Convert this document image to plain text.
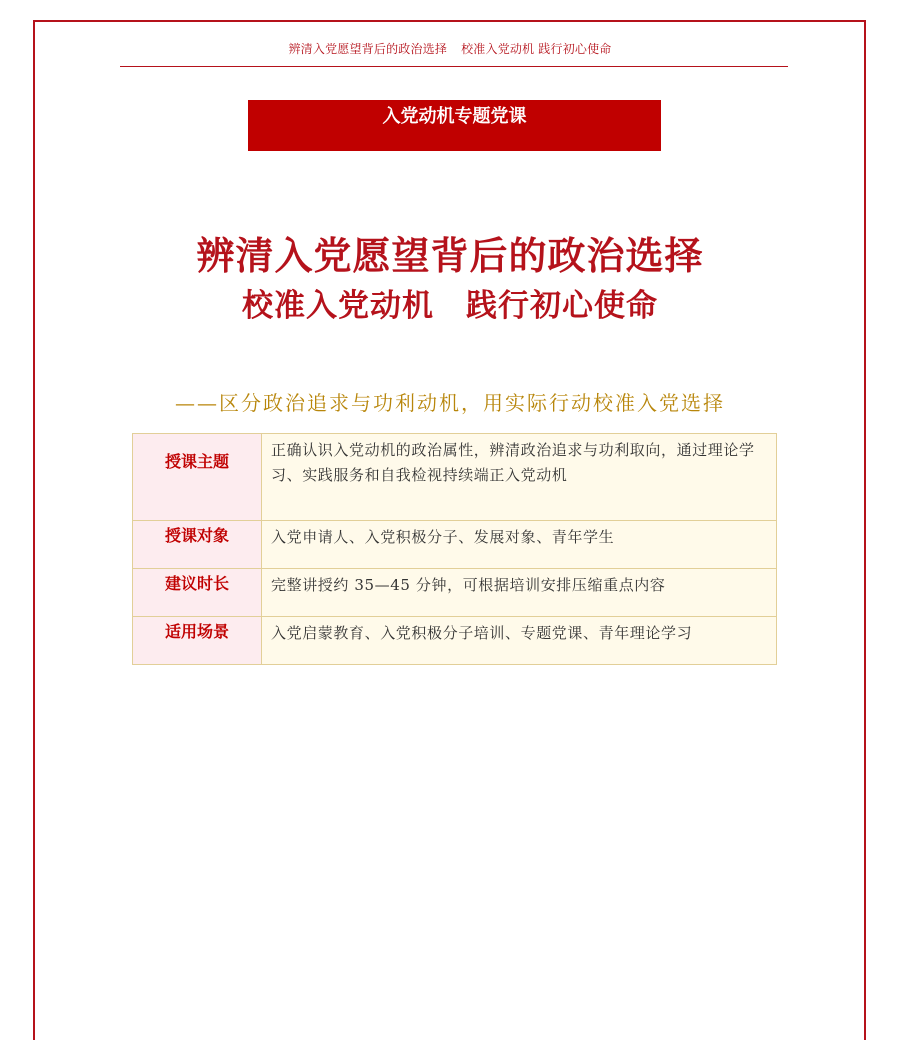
辨清入党愿望背后的政治选择 校准入党动机 践行初心使命
入党动机专题党课
辨清入党愿望背后的政治选择
校准入党动机　践行初心使命
——区分政治追求与功利动机，用实际行动校准入党选择
授课主题	正确认识入党动机的政治属性，辨清政治追求与功利取向，通过理论学习、实践服务和自我检视持续端正入党动机
授课对象	入党申请人、入党积极分子、发展对象、青年学生
建议时长	完整讲授约 35—45 分钟，可根据培训安排压缩重点内容
适用场景	入党启蒙教育、入党积极分子培训、专题党课、青年理论学习
